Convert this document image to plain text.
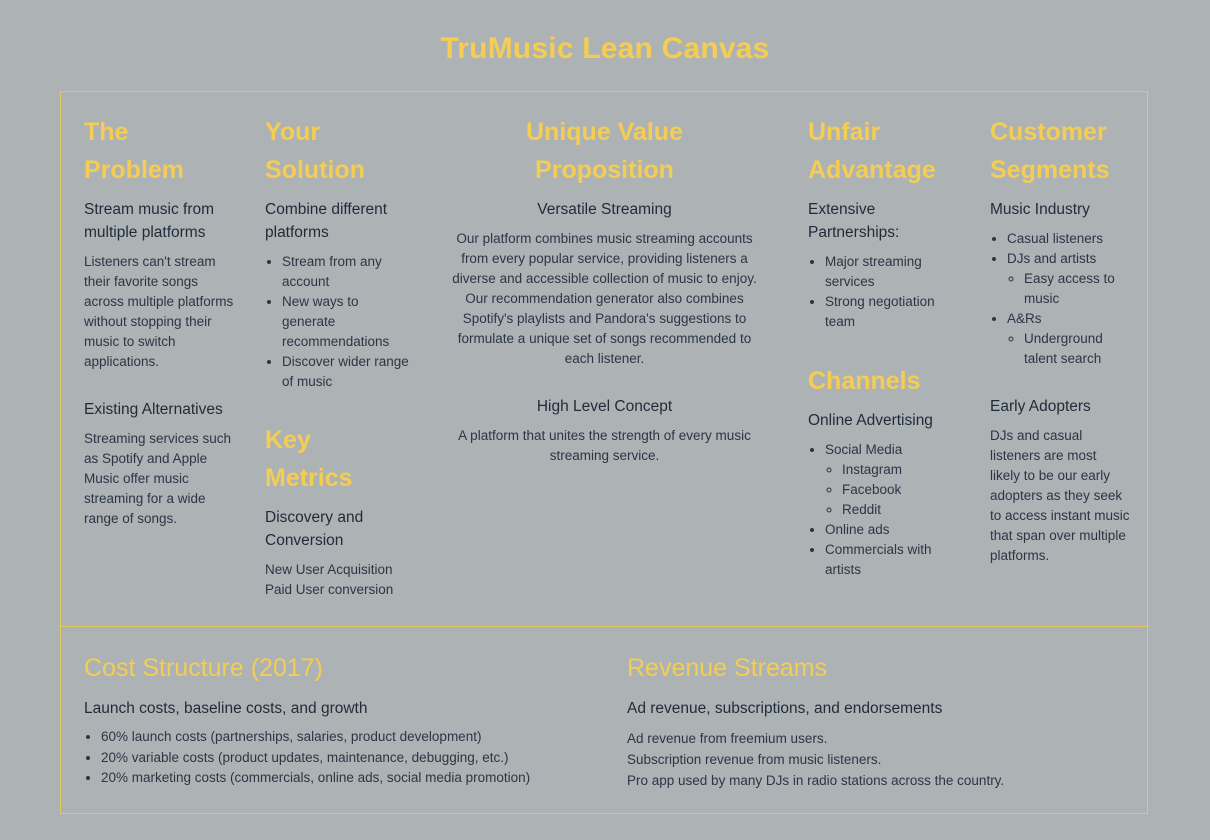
TruMusic Lean Canvas
The
Problem

Stream music from multiple platforms

Listeners can't stream their favorite songs across multiple platforms without stopping their music to switch applications.

Existing Alternatives

Streaming services such as Spotify and Apple Music offer music streaming for a wide range of songs.

Your
Solution

Combine different platforms

• Stream from any account
• New ways to generate recommendations
• Discover wider range of music
Key
Metrics

Discovery and Conversion

New User Acquisition

Paid User conversion

Unique Value
Proposition

Versatile Streaming

Our platform combines music streaming accounts from every popular service, providing listeners a diverse and accessible collection of music to enjoy. Our recommendation generator also combines Spotify's playlists and Pandora's suggestions to formulate a unique set of songs recommended to each listener.

High Level Concept

A platform that unites the strength of every music streaming service.

Unfair
Advantage

Extensive Partnerships:

• Major streaming services
• Strong negotiation team
Channels

Online Advertising

• Social Media
◦ Instagram
◦ Facebook
◦ Reddit
• Online ads
• Commercials with artists
Customer
Segments

Music Industry

• Casual listeners
• DJs and artists
◦ Easy access to music
• A&Rs
◦ Underground talent search

Early Adopters

DJs and casual listeners are most likely to be our early adopters as they seek to access instant music that span over multiple platforms.

Cost Structure (2017)

Launch costs, baseline costs, and growth

• 60% launch costs (partnerships, salaries, product development)
• 20% variable costs (product updates, maintenance, debugging, etc.)
• 20% marketing costs (commercials, online ads, social media promotion)
Revenue Streams

Ad revenue, subscriptions, and endorsements

Ad revenue from freemium users.

Subscription revenue from music listeners.

Pro app used by many DJs in radio stations across the country.
